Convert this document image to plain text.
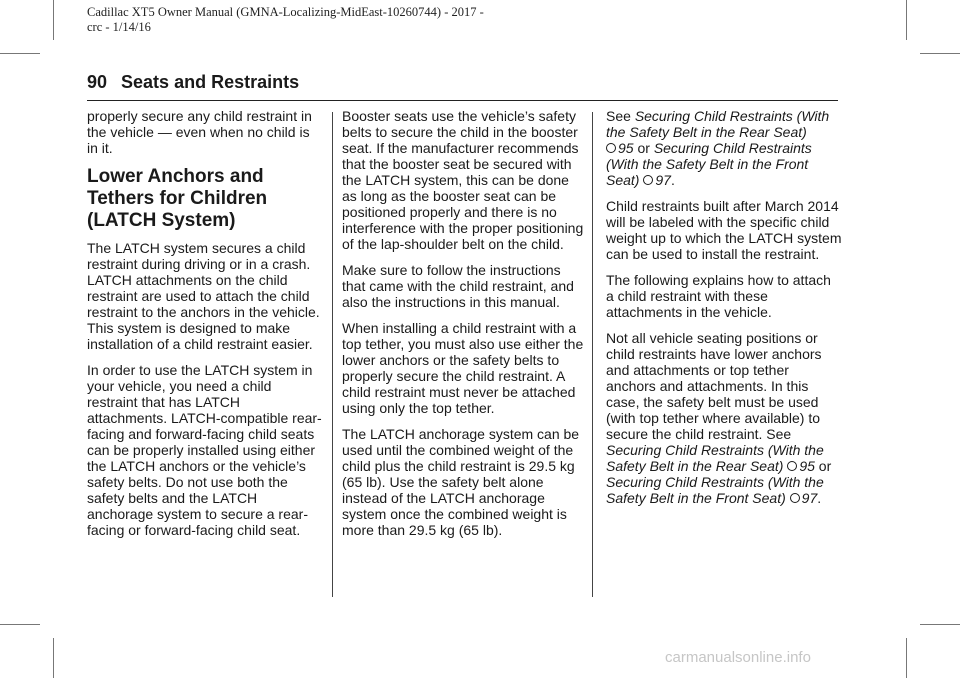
Cadillac XT5 Owner Manual (GMNA-Localizing-MidEast-10260744) - 2017 -
crc - 1/14/16
90 Seats and Restraints

properly secure any child restraint in the vehicle — even when no child is in it.

Lower Anchors and
Tethers for Children
(LATCH System)

The LATCH system secures a child restraint during driving or in a crash. LATCH attachments on the child restraint are used to attach the child restraint to the anchors in the vehicle. This system is designed to make installation of a child restraint easier.

In order to use the LATCH system in your vehicle, you need a child restraint that has LATCH attachments. LATCH-compatible rear-facing and forward-facing child seats can be properly installed using either the LATCH anchors or the vehicle’s safety belts. Do not use both the safety belts and the LATCH anchorage system to secure a rear-facing or forward-facing child seat.

Booster seats use the vehicle’s safety belts to secure the child in the booster seat. If the manufacturer recommends that the booster seat be secured with the LATCH system, this can be done as long as the booster seat can be positioned properly and there is no interference with the proper positioning of the lap-shoulder belt on the child.

Make sure to follow the instructions that came with the child restraint, and also the instructions in this manual.

When installing a child restraint with a top tether, you must also use either the lower anchors or the safety belts to properly secure the child restraint. A child restraint must never be attached using only the top tether.

The LATCH anchorage system can be used until the combined weight of the child plus the child restraint is 29.5 kg (65 lb). Use the safety belt alone instead of the LATCH anchorage system once the combined weight is more than 29.5 kg (65 lb).

See Securing Child Restraints (With the Safety Belt in the Rear Seat)
95 or Securing Child Restraints (With the Safety Belt in the Front Seat) 97.

Child restraints built after March 2014 will be labeled with the specific child weight up to which the LATCH system can be used to install the restraint.

The following explains how to attach a child restraint with these attachments in the vehicle.

Not all vehicle seating positions or child restraints have lower anchors and attachments or top tether anchors and attachments. In this case, the safety belt must be used (with top tether where available) to secure the child restraint. See Securing Child Restraints (With the Safety Belt in the Rear Seat) 95 or Securing Child Restraints (With the Safety Belt in the Front Seat) 97.

carmanualsonline.info
